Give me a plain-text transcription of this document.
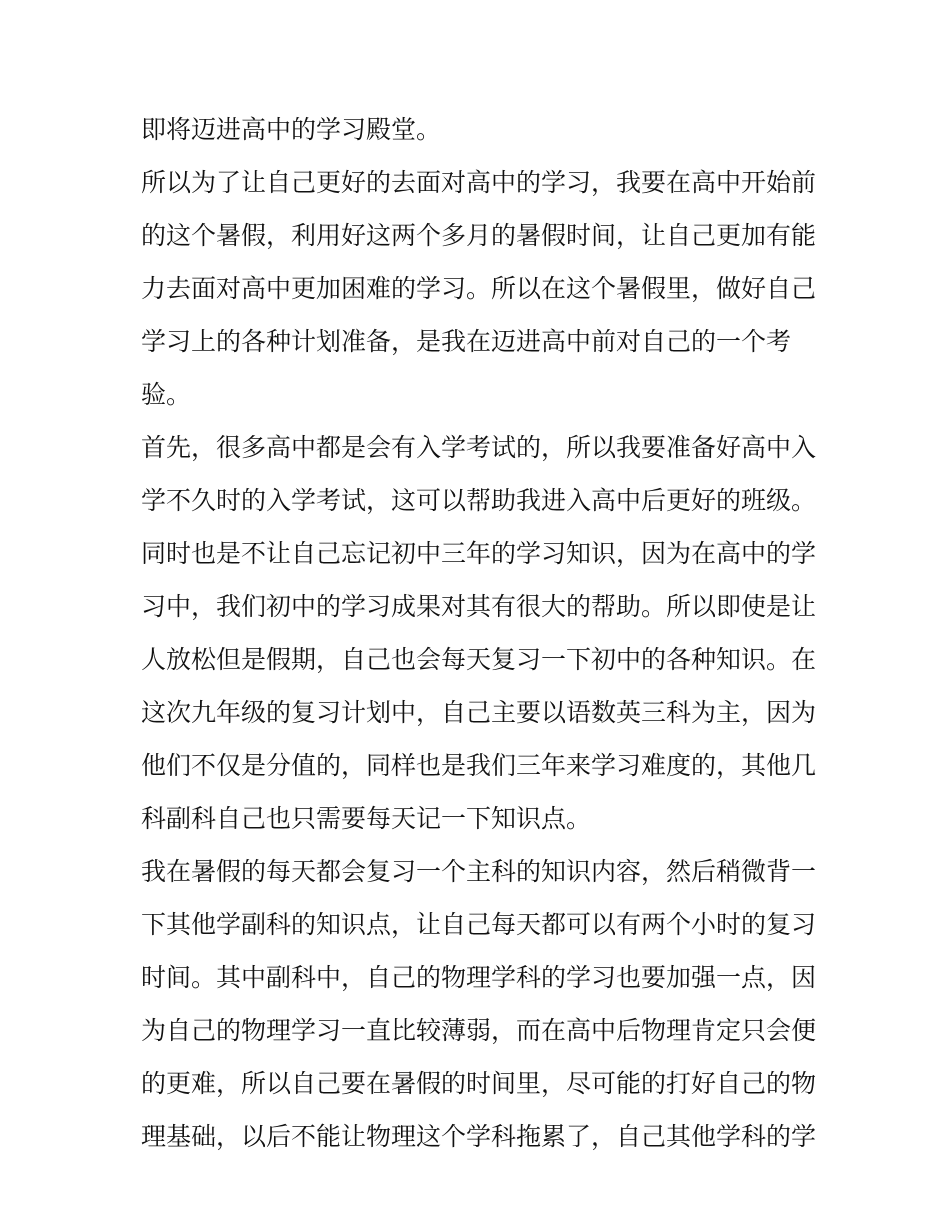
即将迈进高中的学习殿堂。
所以为了让自己更好的去面对高中的学习，我要在高中开始前
的这个暑假，利用好这两个多月的暑假时间，让自己更加有能
力去面对高中更加困难的学习。所以在这个暑假里，做好自己
学习上的各种计划准备，是我在迈进高中前对自己的一个考
验。
首先，很多高中都是会有入学考试的，所以我要准备好高中入
学不久时的入学考试，这可以帮助我进入高中后更好的班级。
同时也是不让自己忘记初中三年的学习知识，因为在高中的学
习中，我们初中的学习成果对其有很大的帮助。所以即使是让
人放松但是假期，自己也会每天复习一下初中的各种知识。在
这次九年级的复习计划中，自己主要以语数英三科为主，因为
他们不仅是分值的，同样也是我们三年来学习难度的，其他几
科副科自己也只需要每天记一下知识点。
我在暑假的每天都会复习一个主科的知识内容，然后稍微背一
下其他学副科的知识点，让自己每天都可以有两个小时的复习
时间。其中副科中，自己的物理学科的学习也要加强一点，因
为自己的物理学习一直比较薄弱，而在高中后物理肯定只会便
的更难，所以自己要在暑假的时间里，尽可能的打好自己的物
理基础，以后不能让物理这个学科拖累了，自己其他学科的学
